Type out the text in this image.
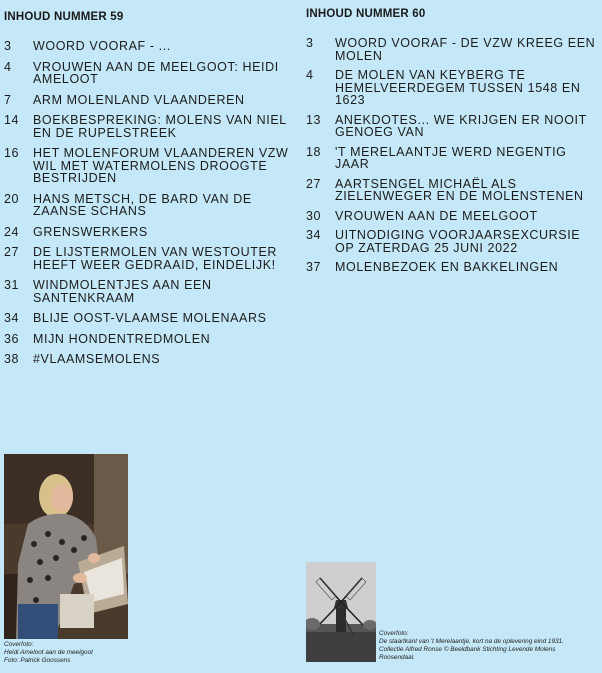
INHOUD NUMMER 59
3	WOORD VOORAF - ...
4	VROUWEN AAN DE MEELGOOT: HEIDI AMELOOT
7	ARM MOLENLAND VLAANDEREN
14	BOEKBESPREKING: MOLENS VAN NIEL EN DE RUPELSTREEK
16	HET MOLENFORUM VLAANDEREN VZW WIL MET WATERMOLENS DROOGTE BESTRIJDEN
20	HANS METSCH, DE BARD VAN DE ZAANSE SCHANS
24	GRENSWERKERS
27	DE LIJSTERMOLEN VAN WESTOUTER HEEFT WEER GEDRAAID, EINDELIJK!
31	WINDMOLENTJES AAN EEN SANTENKRAAM
34	BLIJE OOST-VLAAMSE MOLENAARS
36	MIJN HONDENTREDMOLEN
38	#VLAAMSEMOLENS
INHOUD NUMMER 60
3	WOORD VOORAF - DE VZW KREEG EEN MOLEN
4	DE MOLEN VAN KEYBERG TE HEMELVEERDEGEM TUSSEN 1548 EN 1623
13	ANEKDOTES... WE KRIJGEN ER NOOIT GENOEG VAN
18	'T MERELAANTJE WERD NEGENTIG JAAR
27	AARTSENGEL MICHAËL ALS ZIELENWEGER EN DE MOLENSTENEN
30	VROUWEN AAN DE MEELGOOT
34	UITNODIGING VOORJAARSEXCURSIE OP ZATERDAG 25 JUNI 2022
37	MOLENBEZOEK EN BAKKELINGEN
Coverfoto:
Heidi Ameloot aan de meelgoot
Foto: Patrick Goossens
Coverfoto:
De staartkant van 't Merelaantje, kort na de oplevering eind 1931. Collectie Alfred Ronse © Beeldbank Stichting Levende Molens Roosendaal.
